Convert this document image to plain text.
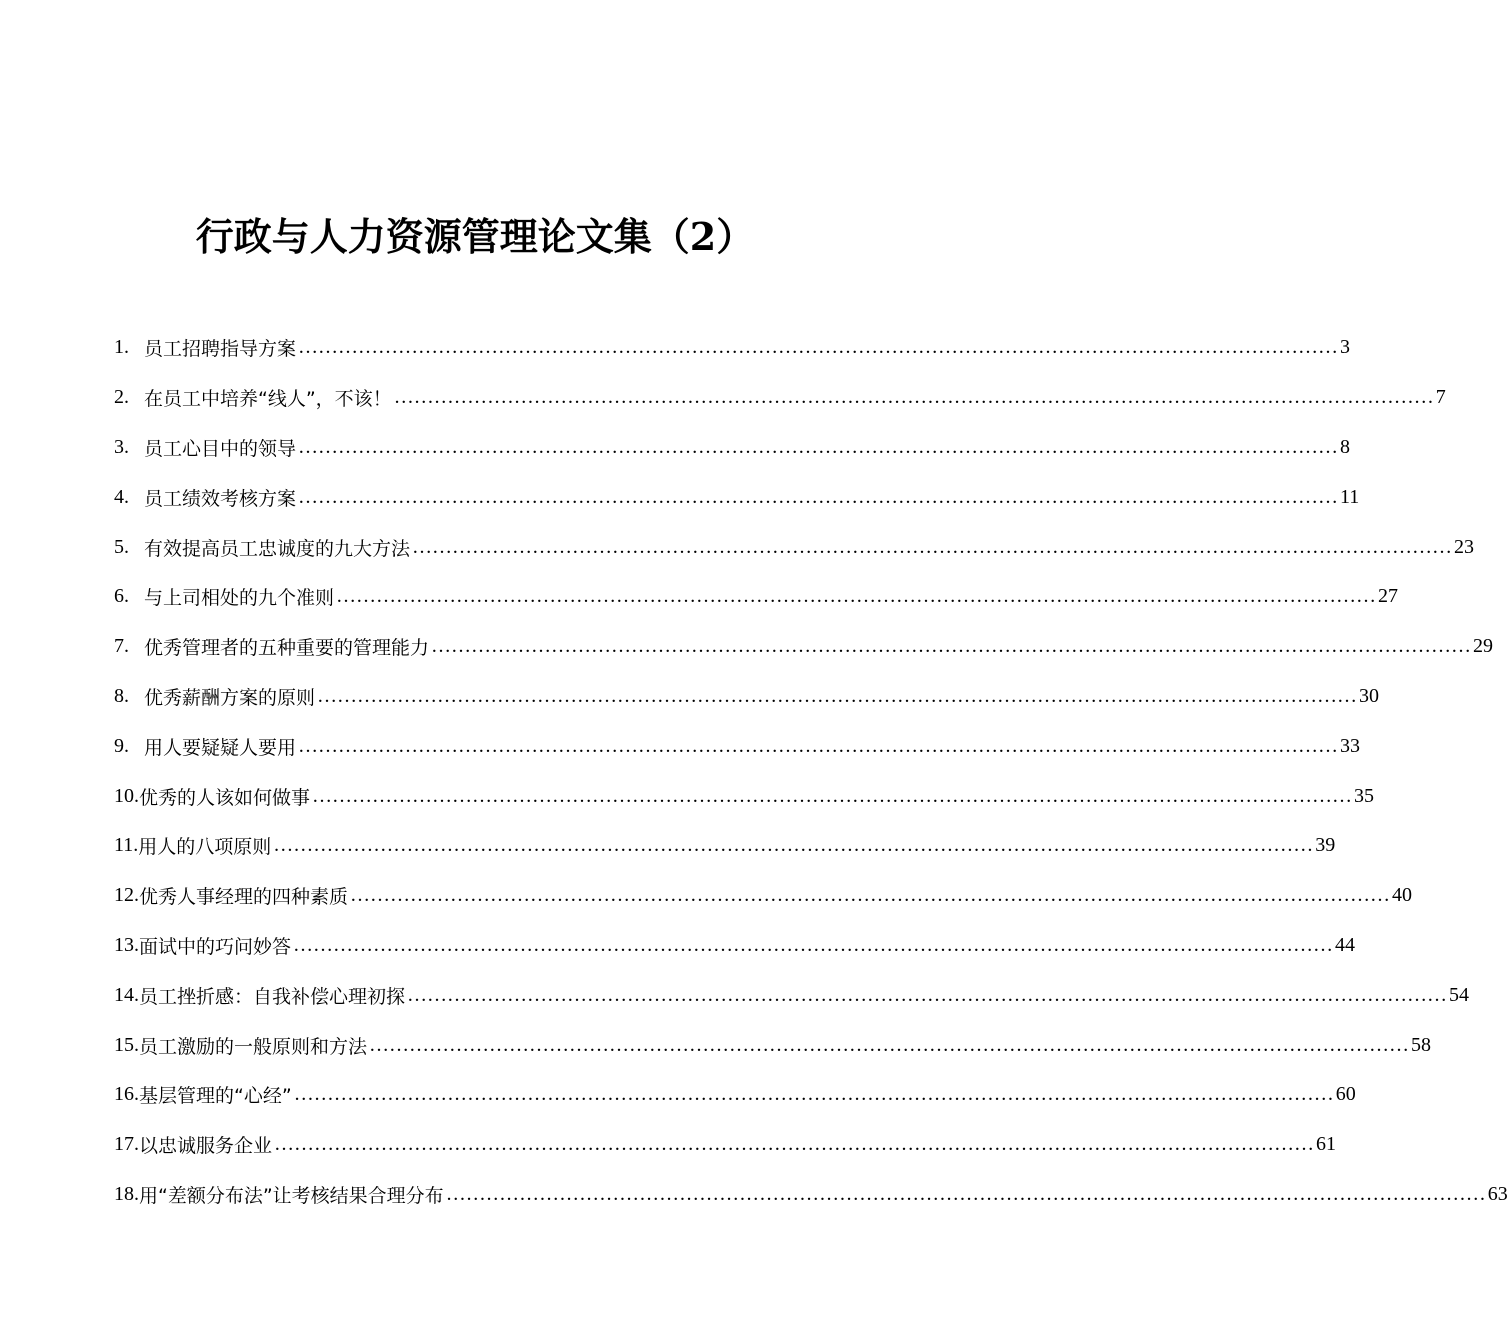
行政与人力资源管理论文集（2）
1. 员工招聘指导方案 ………………………………………………………………………………………………………………………………………… 3
2. 在员工中培养“线人”，不该！ ………………………………………………………………………………………………………………………………………… 7
3. 员工心目中的领导 ………………………………………………………………………………………………………………………………………… 8
4. 员工绩效考核方案 ………………………………………………………………………………………………………………………………………… 11
5. 有效提高员工忠诚度的九大方法 ………………………………………………………………………………………………………………………………………… 23
6. 与上司相处的九个准则 ………………………………………………………………………………………………………………………………………… 27
7. 优秀管理者的五种重要的管理能力 ………………………………………………………………………………………………………………………………………… 29
8. 优秀薪酬方案的原则 ………………………………………………………………………………………………………………………………………… 30
9. 用人要疑疑人要用 ………………………………………………………………………………………………………………………………………… 33
10. 优秀的人该如何做事 ………………………………………………………………………………………………………………………………………… 35
11. 用人的八项原则 ………………………………………………………………………………………………………………………………………… 39
12. 优秀人事经理的四种素质 ………………………………………………………………………………………………………………………………………… 40
13. 面试中的巧问妙答 ………………………………………………………………………………………………………………………………………… 44
14. 员工挫折感：自我补偿心理初探 ………………………………………………………………………………………………………………………………………… 54
15. 员工激励的一般原则和方法 ………………………………………………………………………………………………………………………………………… 58
16. 基层管理的“心经” ………………………………………………………………………………………………………………………………………… 60
17. 以忠诚服务企业 ………………………………………………………………………………………………………………………………………… 61
18. 用“差额分布法”让考核结果合理分布 ………………………………………………………………………………………………………………………………………… 63
